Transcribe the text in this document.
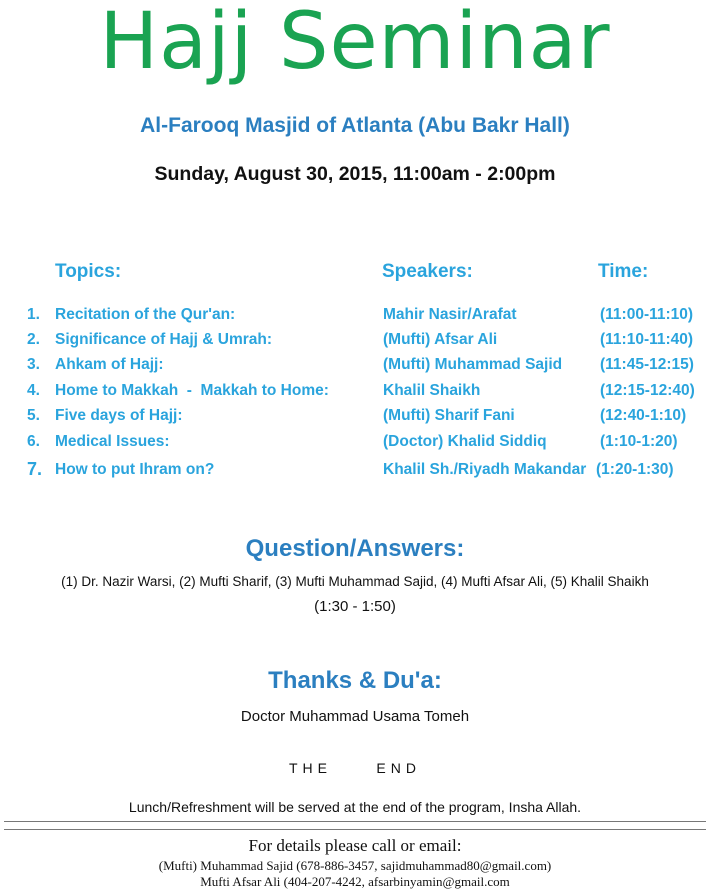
Hajj Seminar
Al-Farooq Masjid of Atlanta (Abu Bakr Hall)
Sunday, August 30, 2015, 11:00am - 2:00pm
Topics:	Speakers:	Time:
1. Recitation of the Qur'an:	Mahir Nasir/Arafat	(11:00-11:10)
2. Significance of Hajj & Umrah:	(Mufti) Afsar Ali	(11:10-11:40)
3. Ahkam of Hajj:	(Mufti) Muhammad Sajid (11:45-12:15)
4. Home to Makkah  -  Makkah to Home:	Khalil Shaikh	(12:15-12:40)
5. Five days of Hajj:	(Mufti) Sharif Fani	(12:40-1:10)
6. Medical Issues:	(Doctor) Khalid Siddiq	(1:10-1:20)
7. How to put Ihram on?	Khalil Sh./Riyadh Makandar (1:20-1:30)
Question/Answers:
(1) Dr. Nazir Warsi, (2) Mufti Sharif, (3) Mufti Muhammad Sajid, (4) Mufti Afsar Ali, (5) Khalil Shaikh
(1:30 - 1:50)
Thanks & Du'a:
Doctor Muhammad Usama Tomeh
THE     END
Lunch/Refreshment will be served at the end of the program, Insha Allah.
For details please call or email:
(Mufti) Muhammad Sajid (678-886-3457, sajidmuhammad80@gmail.com)
Mufti Afsar Ali (404-207-4242, afsarbinyamin@gmail.com
